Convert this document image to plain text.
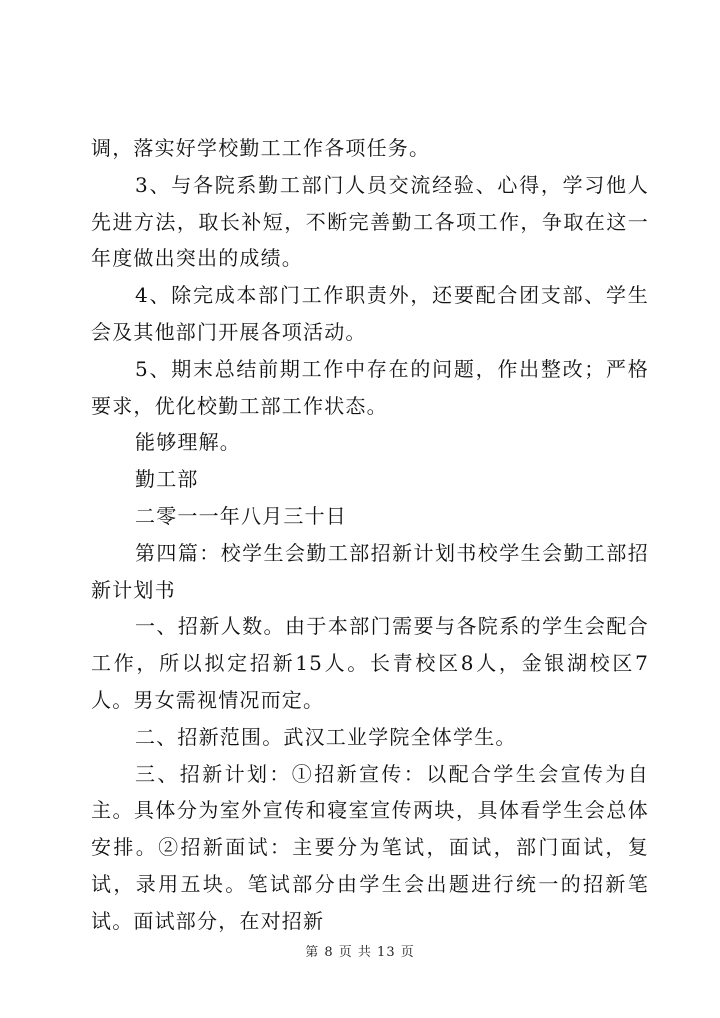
调，落实好学校勤工工作各项任务。

3、与各院系勤工部门人员交流经验、心得，学习他人先进方法，取长补短，不断完善勤工各项工作，争取在这一年度做出突出的成绩。

4、除完成本部门工作职责外，还要配合团支部、学生会及其他部门开展各项活动。

5、期末总结前期工作中存在的问题，作出整改；严格要求，优化校勤工部工作状态。

能够理解。

勤工部

二零一一年八月三十日

第四篇：校学生会勤工部招新计划书校学生会勤工部招新计划书

一、招新人数。由于本部门需要与各院系的学生会配合工作，所以拟定招新15人。长青校区8人，金银湖校区7人。男女需视情况而定。

二、招新范围。武汉工业学院全体学生。

三、招新计划：①招新宣传：以配合学生会宣传为自主。具体分为室外宣传和寝室宣传两块，具体看学生会总体安排。②招新面试：主要分为笔试，面试，部门面试，复试，录用五块。笔试部分由学生会出题进行统一的招新笔试。面试部分，在对招新

第 8 页 共 13 页
